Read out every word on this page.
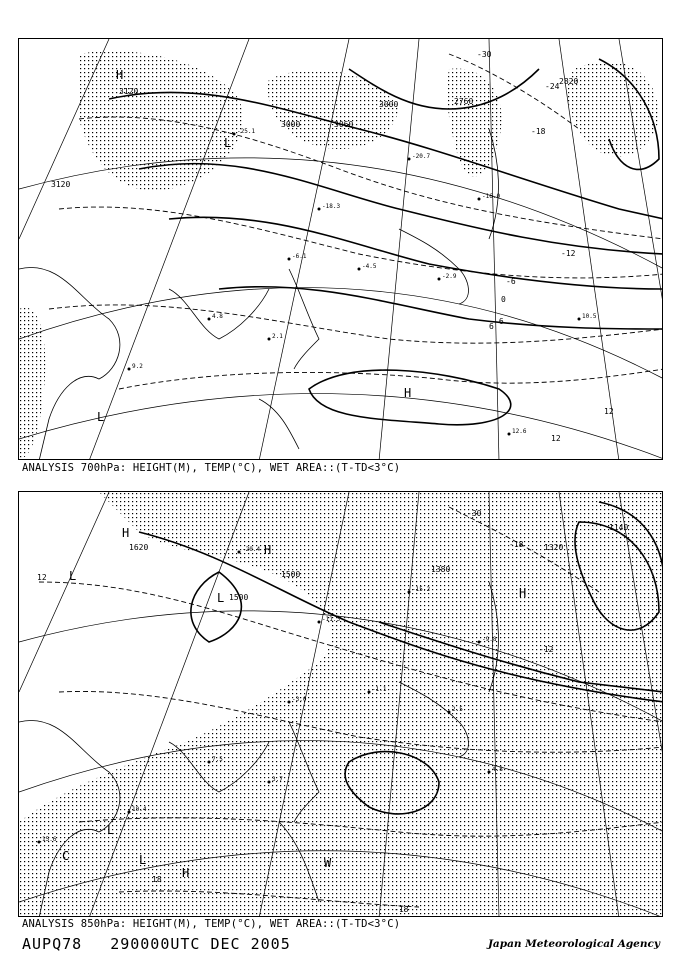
-25.1
-18.3
-20.7
-6.1
-4.5
-2.9
-16.0
4.8
9.2
12.6
10.5
2.1
3120
3120
3000	3060
2760
2820
3000
-30
-18
-12
-6
0
6
12
12
-6
-24
H
L
H
L
ANALYSIS 700hPa: HEIGHT(M), TEMP(°C), WET AREA::(T-TD<3°C)
-20.4
-11.3
-15.2
-3.0
-1.1
2.5
-9.8
7.5
10.4
4.8
15.6
3.7
1620
1500
1500
1320
1380
1140
-30
-18
-12
12
18
-18
H
L
L
H
L
C	L
H
W
H
ANALYSIS 850hPa: HEIGHT(M), TEMP(°C), WET AREA::(T-TD<3°C)
AUPQ78 290000UTC DEC 2005	Japan Meteorological Agency
